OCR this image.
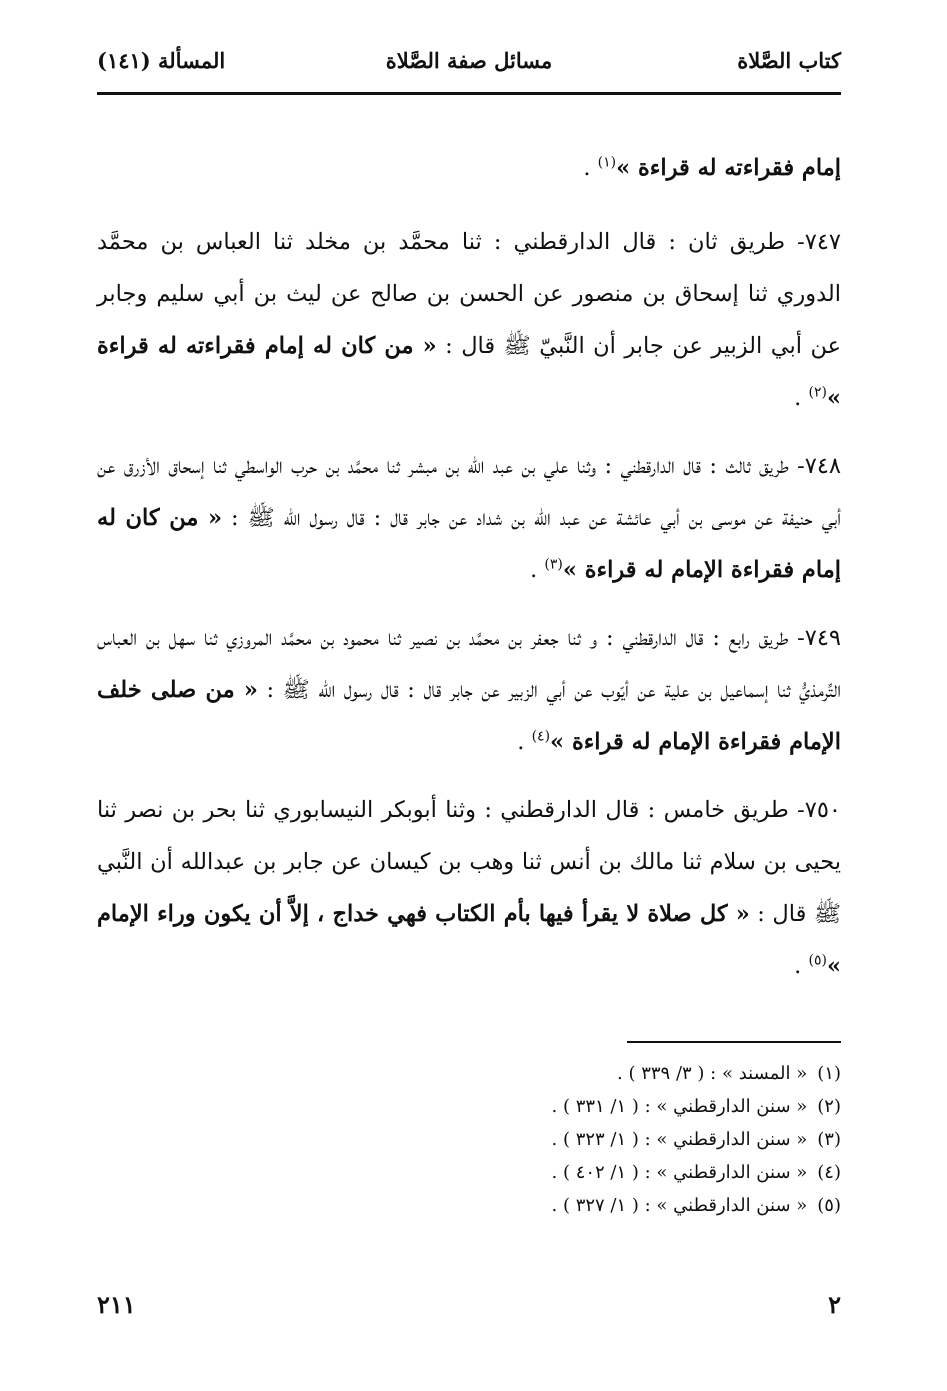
كتاب الصَّلاة
مسائل صفة الصَّلاة
المسألة (١٤١)

إمام فقراءته له قراءة »$^{(١)}$ .

٧٤٧- طريق ثان : قال الدارقطني : ثنا محمَّد بن مخلد ثنا العباس بن محمَّد الدوري ثنا إسحاق بن منصور عن الحسن بن صالح عن ليث بن أبي سليم وجابر عن أبي الزبير عن جابر أن النَّبيّ ﷺ قال : « من كان له إمام فقراءته له قراءة »$^{(٢)}$ .

٧٤٨- طريق ثالث : قال الدارقطني : وثنا علي بن عبد الله بن مبشر ثنا محمَّد بن حرب الواسطي ثنا إسحاق الأزرق عن أبي حنيفة عن موسى بن أبي عائشة عن عبد الله بن شداد عن جابر قال : قال رسول الله ﷺ : « من كان له إمام فقراءة الإمام له قراءة »$^{(٣)}$ .

٧٤٩- طريق رابع : قال الدارقطني : و ثنا جعفر بن محمَّد بن نصير ثنا محمود بن محمَّد المروزي ثنا سهل بن العباس التِّرمذيُّ ثنا إسماعيل بن علية عن أيّوب عن أبي الزبير عن جابر قال : قال رسول الله ﷺ : « من صلى خلف الإمام فقراءة الإمام له قراءة »$^{(٤)}$ .

٧٥٠- طريق خامس : قال الدارقطني : وثنا أبوبكر النيسابوري ثنا بحر بن نصر ثنا يحيى بن سلام ثنا مالك بن أنس ثنا وهب بن كيسان عن جابر بن عبدالله أن النَّبي ﷺ قال : « كل صلاة لا يقرأ فيها بأم الكتاب فهي خداج ، إلاَّ أن يكون وراء الإمام »$^{(٥)}$ .

(١)« المسند » : ( ٣/ ٣٣٩ ) .
(٢)« سنن الدارقطني » : ( ١/ ٣٣١ ) .
(٣)« سنن الدارقطني » : ( ١/ ٣٢٣ ) .
(٤)« سنن الدارقطني » : ( ١/ ٤٠٢ ) .
(٥)« سنن الدارقطني » : ( ١/ ٣٢٧ ) .
٢
٢١١
